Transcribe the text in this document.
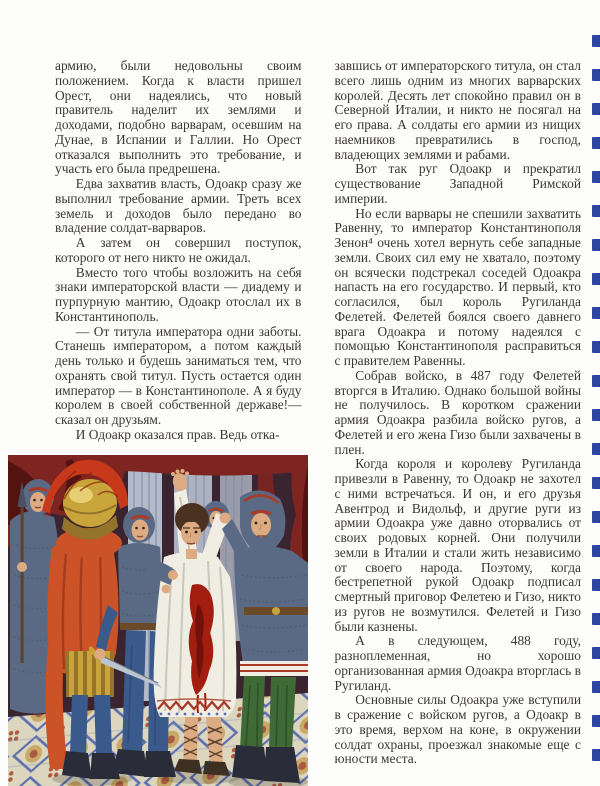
армию, были недовольны своим положением. Когда к власти пришел Орест, они надеялись, что новый правитель наделит их землями и доходами, подобно варварам, осевшим на Дунае, в Испании и Галлии. Но Орест отказался выполнить это требование, и участь его была предрешена.

Едва захватив власть, Одоакр сразу же выполнил требование армии. Треть всех земель и доходов было передано во владение солдат-варваров.

А затем он совершил поступок, которого от него никто не ожидал.

Вместо того чтобы возложить на себя знаки императорской власти — диадему и пурпурную мантию, Одоакр отослал их в Константинополь.

— От титула императора одни заботы. Станешь императором, а потом каждый день только и будешь заниматься тем, что охранять свой титул. Пусть остается один император — в Константинополе. А я буду королем в своей собственной державе!— сказал он друзьям.

И Одоакр оказался прав. Ведь отка-

завшись от императорского титула, он стал всего лишь одним из многих варварских королей. Десять лет спокойно правил он в Северной Италии, и никто не посягал на его права. А солдаты его армии из нищих наемников превратились в господ, владеющих землями и рабами.

Вот так руг Одоакр и прекратил существование Западной Римской империи.

Но если варвары не спешили захватить Равенну, то император Константинополя Зенон⁴ очень хотел вернуть себе западные земли. Своих сил ему не хватало, поэтому он всячески подстрекал соседей Одоакра напасть на его государство. И первый, кто согласился, был король Ругиланда Фелетей. Фелетей боялся своего давнего врага Одоакра и потому надеялся с помощью Константинополя расправиться с правителем Равенны.

Собрав войско, в 487 году Фелетей вторгся в Италию. Однако большой войны не получилось. В коротком сражении армия Одоакра разбила войско ругов, а Фелетей и его жена Гизо были захвачены в плен.

Когда короля и королеву Ругиланда привезли в Равенну, то Одоакр не захотел с ними встречаться. И он, и его друзья Авентрод и Видольф, и другие руги из армии Одоакра уже давно оторвались от своих родовых корней. Они получили земли в Италии и стали жить независимо от своего народа. Поэтому, когда бестрепетной рукой Одоакр подписал смертный приговор Фелетею и Гизо, никто из ругов не возмутился. Фелетей и Гизо были казнены.

А в следующем, 488 году, разноплеменная, но хорошо организованная армия Одоакра вторглась в Ругиланд.

Основные силы Одоакра уже вступили в сражение с войском ругов, а Одоакр в это время, верхом на коне, в окружении солдат охраны, проезжал знакомые еще с юности места.
